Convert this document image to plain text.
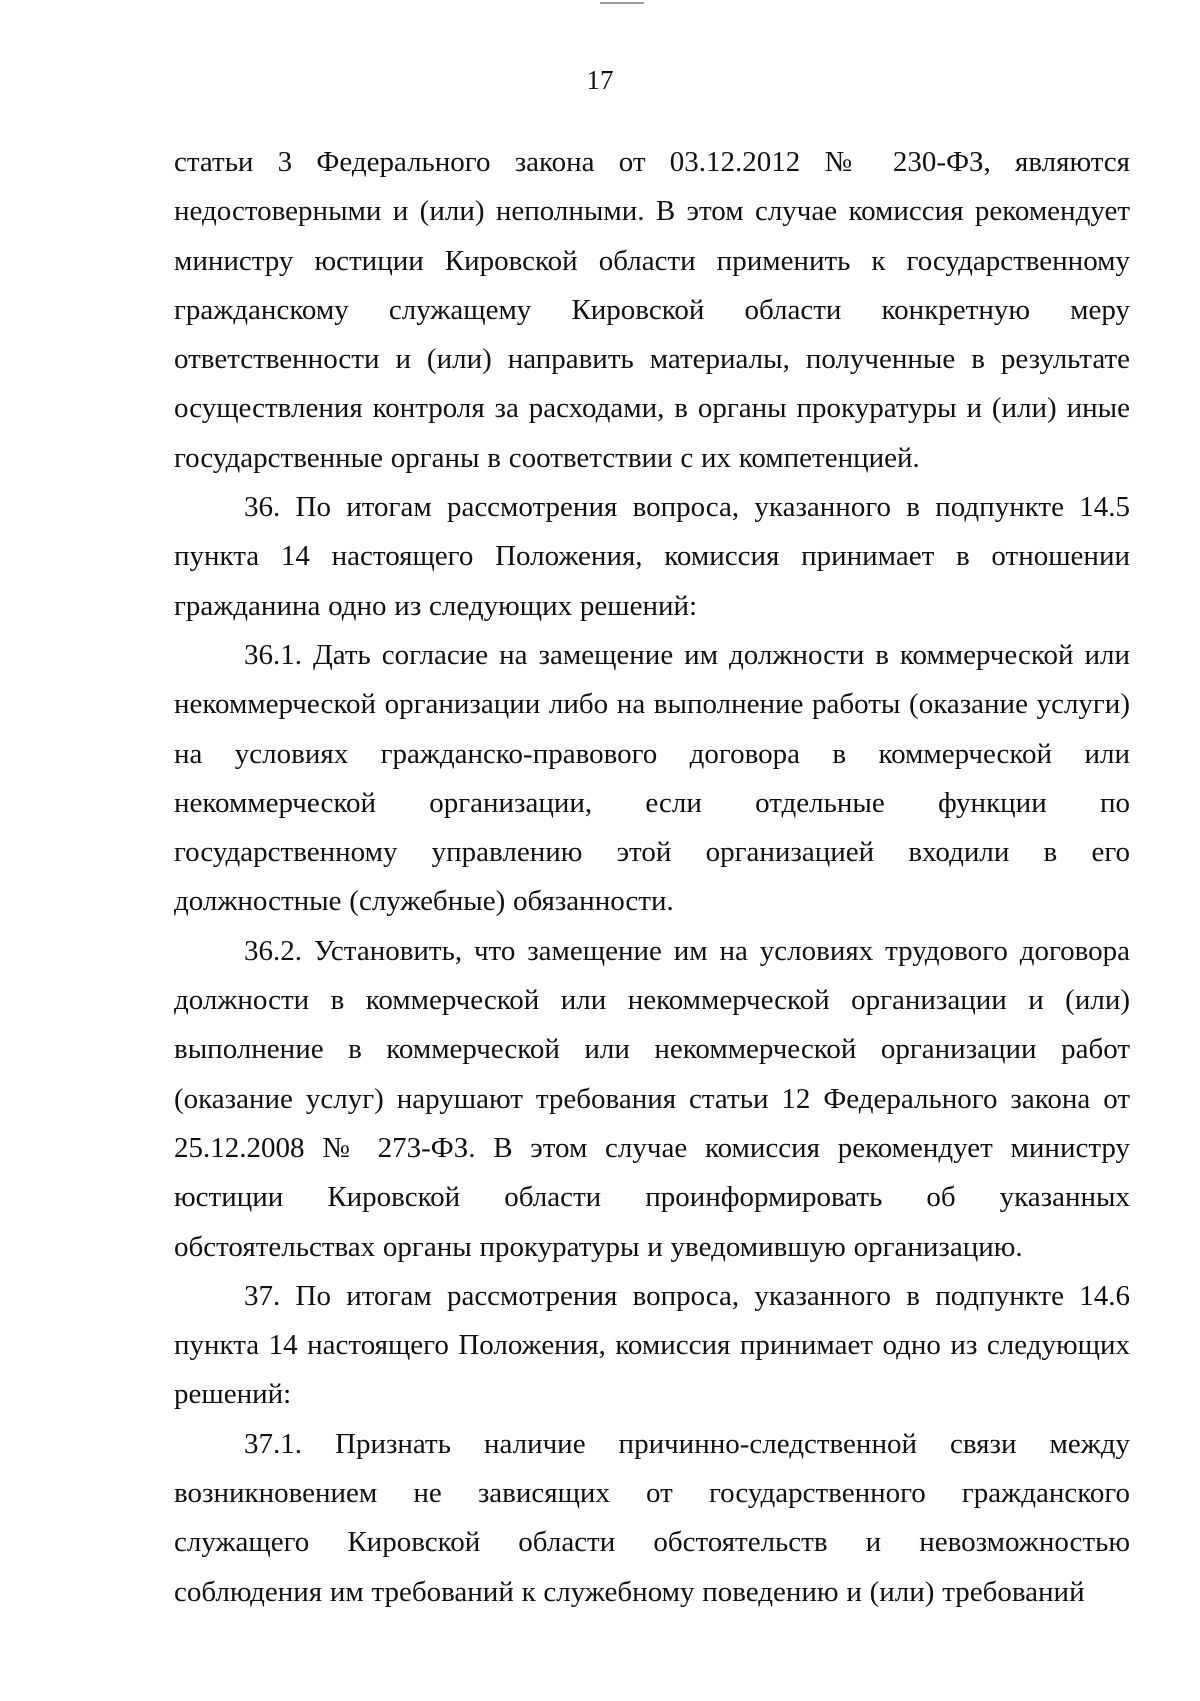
17

статьи 3 Федерального закона от 03.12.2012 № 230-ФЗ, являются недостоверными и (или) неполными. В этом случае комиссия рекомендует министру юстиции Кировской области применить к государственному гражданскому служащему Кировской области конкретную меру ответственности и (или) направить материалы, полученные в результате осуществления контроля за расходами, в органы прокуратуры и (или) иные государственные органы в соответствии с их компетенцией.

36. По итогам рассмотрения вопроса, указанного в подпункте 14.5 пункта 14 настоящего Положения, комиссия принимает в отношении гражданина одно из следующих решений:

36.1. Дать согласие на замещение им должности в коммерческой или некоммерческой организации либо на выполнение работы (оказание услуги) на условиях гражданско-правового договора в коммерческой или некоммерческой организации, если отдельные функции по государственному управлению этой организацией входили в его должностные (служебные) обязанности.

36.2. Установить, что замещение им на условиях трудового договора должности в коммерческой или некоммерческой организации и (или) выполнение в коммерческой или некоммерческой организации работ (оказание услуг) нарушают требования статьи 12 Федерального закона от 25.12.2008 № 273-ФЗ. В этом случае комиссия рекомендует министру юстиции Кировской области проинформировать об указанных обстоятельствах органы прокуратуры и уведомившую организацию.

37. По итогам рассмотрения вопроса, указанного в подпункте 14.6 пункта 14 настоящего Положения, комиссия принимает одно из следующих решений:

37.1. Признать наличие причинно-следственной связи между возникновением не зависящих от государственного гражданского служащего Кировской области обстоятельств и невозможностью соблюдения им требований к служебному поведению и (или) требований
